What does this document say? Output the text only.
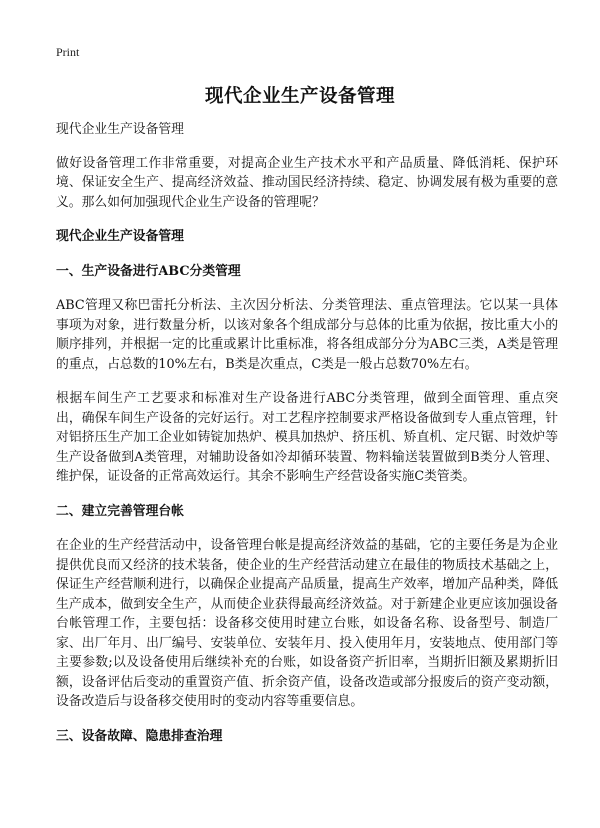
Print
现代企业生产设备管理

现代企业生产设备管理

做好设备管理工作非常重要，对提高企业生产技术水平和产品质量、降低消耗、保护环境、保证安全生产、提高经济效益、推动国民经济持续、稳定、协调发展有极为重要的意义。那么如何加强现代企业生产设备的管理呢？

现代企业生产设备管理

一、生产设备进行ABC分类管理

ABC管理又称巴雷托分析法、主次因分析法、分类管理法、重点管理法。它以某一具体事项为对象，进行数量分析，以该对象各个组成部分与总体的比重为依据，按比重大小的顺序排列，并根据一定的比重或累计比重标准，将各组成部分分为ABC三类，A类是管理的重点，占总数的10%左右，B类是次重点，C类是一般占总数70%左右。

根据车间生产工艺要求和标准对生产设备进行ABC分类管理，做到全面管理、重点突出，确保车间生产设备的完好运行。对工艺程序控制要求严格设备做到专人重点管理，针对铝挤压生产加工企业如铸锭加热炉、模具加热炉、挤压机、矫直机、定尺锯、时效炉等生产设备做到A类管理，对辅助设备如冷却循环装置、物料输送装置做到B类分人管理、维护保，证设备的正常高效运行。其余不影响生产经营设备实施C类管类。

二、建立完善管理台帐

在企业的生产经营活动中，设备管理台帐是提高经济效益的基础，它的主要任务是为企业提供优良而又经济的技术装备，使企业的生产经营活动建立在最佳的物质技术基础之上，保证生产经营顺利进行，以确保企业提高产品质量，提高生产效率，增加产品种类，降低生产成本，做到安全生产，从而使企业获得最高经济效益。对于新建企业更应该加强设备台帐管理工作，主要包括：设备移交使用时建立台账，如设备名称、设备型号、制造厂家、出厂年月、出厂编号、安装单位、安装年月、投入使用年月，安装地点、使用部门等主要参数;以及设备使用后继续补充的台账，如设备资产折旧率，当期折旧额及累期折旧额，设备评估后变动的重置资产值、折余资产值，设备改造或部分报废后的资产变动额，设备改造后与设备移交使用时的变动内容等重要信息。

三、设备故障、隐患排查治理
